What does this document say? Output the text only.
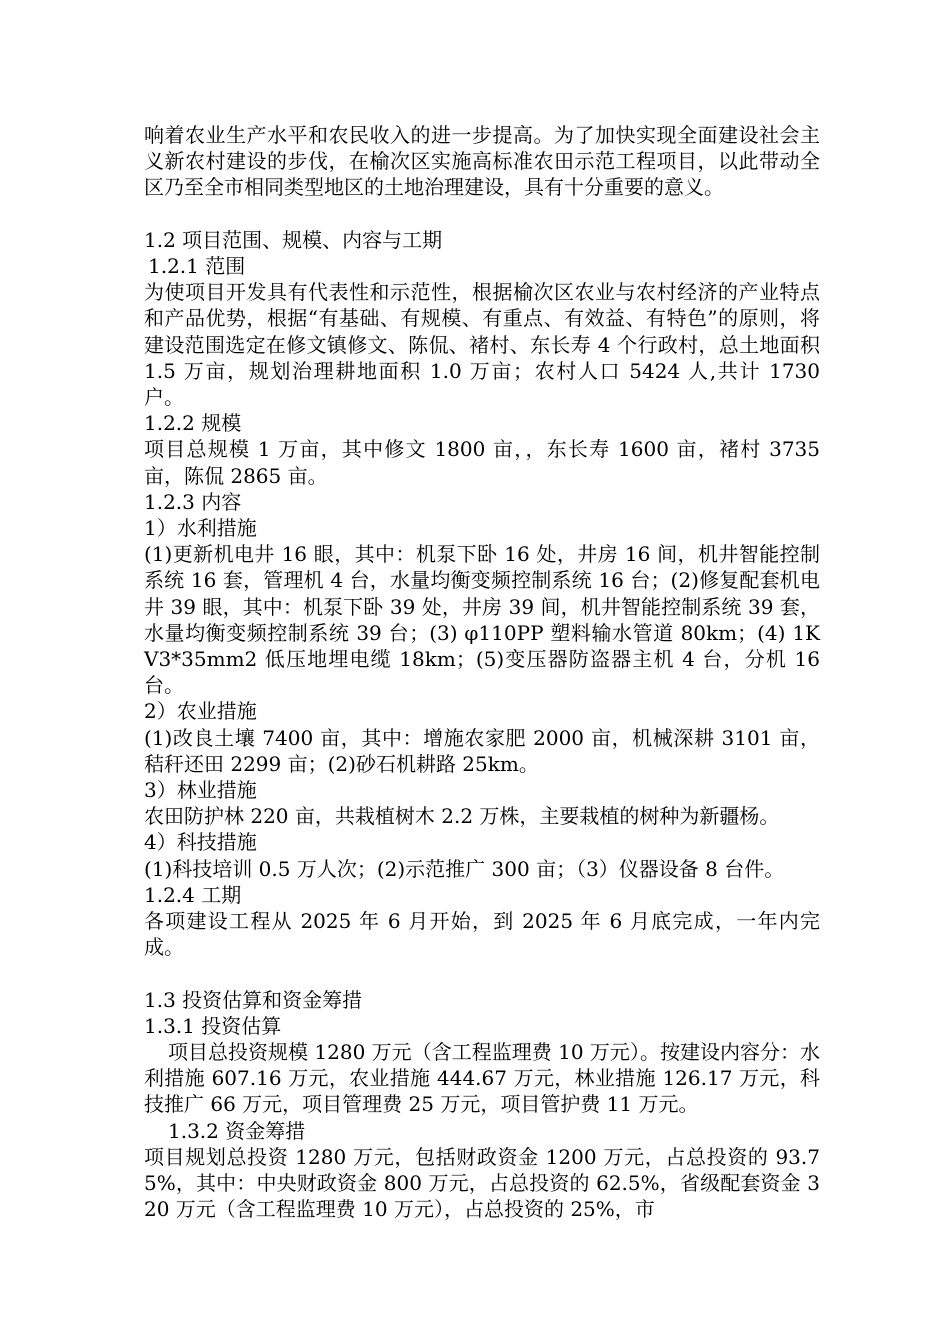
响着农业生产水平和农民收入的进一步提高。为了加快实现全面建设社会主义新农村建设的步伐，在榆次区实施高标准农田示范工程项目，以此带动全区乃至全市相同类型地区的土地治理建设，具有十分重要的意义。

1.2 项目范围、规模、内容与工期

1.2.1 范围

为使项目开发具有代表性和示范性，根据榆次区农业与农村经济的产业特点和产品优势，根据“有基础、有规模、有重点、有效益、有特色”的原则，将建设范围选定在修文镇修文、陈侃、褚村、东长寿 4 个行政村，总土地面积 1.5 万亩，规划治理耕地面积 1.0 万亩；农村人口 5424 人,共计 1730 户。

1.2.2 规模

项目总规模 1 万亩，其中修文 1800 亩，，东长寿 1600 亩，褚村 3735 亩，陈侃 2865 亩。

1.2.3 内容

1）水利措施

(1)更新机电井 16 眼，其中：机泵下卧 16 处，井房 16 间，机井智能控制系统 16 套，管理机 4 台，水量均衡变频控制系统 16 台；(2)修复配套机电井 39 眼，其中：机泵下卧 39 处，井房 39 间，机井智能控制系统 39 套，水量均衡变频控制系统 39 台；(3) φ110PP 塑料输水管道 80km；(4) 1KV3*35mm2 低压地埋电缆 18km；(5)变压器防盗器主机 4 台，分机 16 台。

2）农业措施

(1)改良土壤 7400 亩，其中：增施农家肥 2000 亩，机械深耕 3101 亩，秸秆还田 2299 亩；(2)砂石机耕路 25km。

3）林业措施

农田防护林 220 亩，共栽植树木 2.2 万株，主要栽植的树种为新疆杨。

4）科技措施

(1)科技培训 0.5 万人次；(2)示范推广 300 亩；（3）仪器设备 8 台件。

1.2.4 工期

各项建设工程从 2025 年 6 月开始，到 2025 年 6 月底完成，一年内完成。

1.3 投资估算和资金筹措

1.3.1 投资估算

项目总投资规模 1280 万元（含工程监理费 10 万元）。按建设内容分：水利措施 607.16 万元，农业措施 444.67 万元，林业措施 126.17 万元，科技推广 66 万元，项目管理费 25 万元，项目管护费 11 万元。

1.3.2 资金筹措

项目规划总投资 1280 万元，包括财政资金 1200 万元，占总投资的 93.75%，其中：中央财政资金 800 万元，占总投资的 62.5%，省级配套资金 320 万元（含工程监理费 10 万元），占总投资的 25%，市
